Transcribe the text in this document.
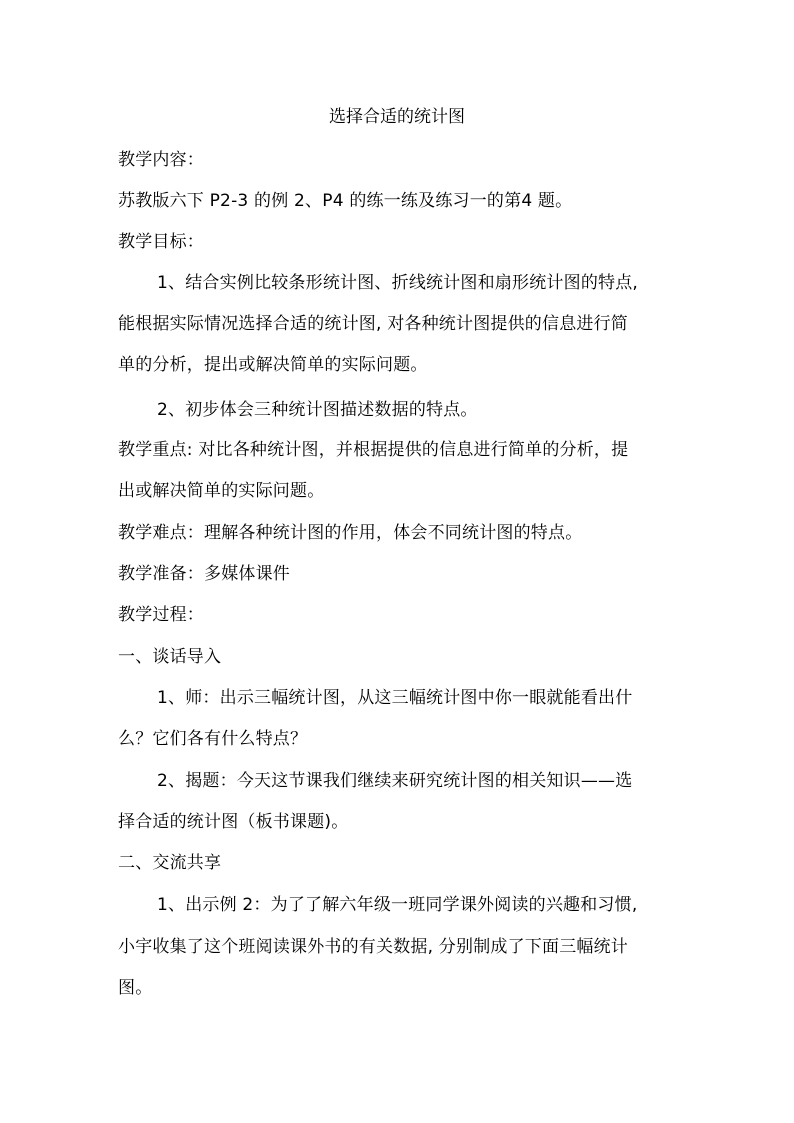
选择合适的统计图
教学内容：
苏教版六下 P2-3 的例 2、P4 的练一练及练习一的第4 题。
教学目标：
1、结合实例比较条形统计图、折线统计图和扇形统计图的特点,
能根据实际情况选择合适的统计图, 对各种统计图提供的信息进行简
单的分析，提出或解决简单的实际问题。
2、初步体会三种统计图描述数据的特点。
教学重点: 对比各种统计图，并根据提供的信息进行简单的分析，提
出或解决简单的实际问题。
教学难点：理解各种统计图的作用，体会不同统计图的特点。
教学准备：多媒体课件
教学过程：
一、谈话导入
1、师：出示三幅统计图，从这三幅统计图中你一眼就能看出什
么？它们各有什么特点？
2、揭题：今天这节课我们继续来研究统计图的相关知识——选
择合适的统计图（板书课题)。
二、交流共享
1、出示例 2：为了了解六年级一班同学课外阅读的兴趣和习惯,
小宇收集了这个班阅读课外书的有关数据, 分别制成了下面三幅统计
图。
